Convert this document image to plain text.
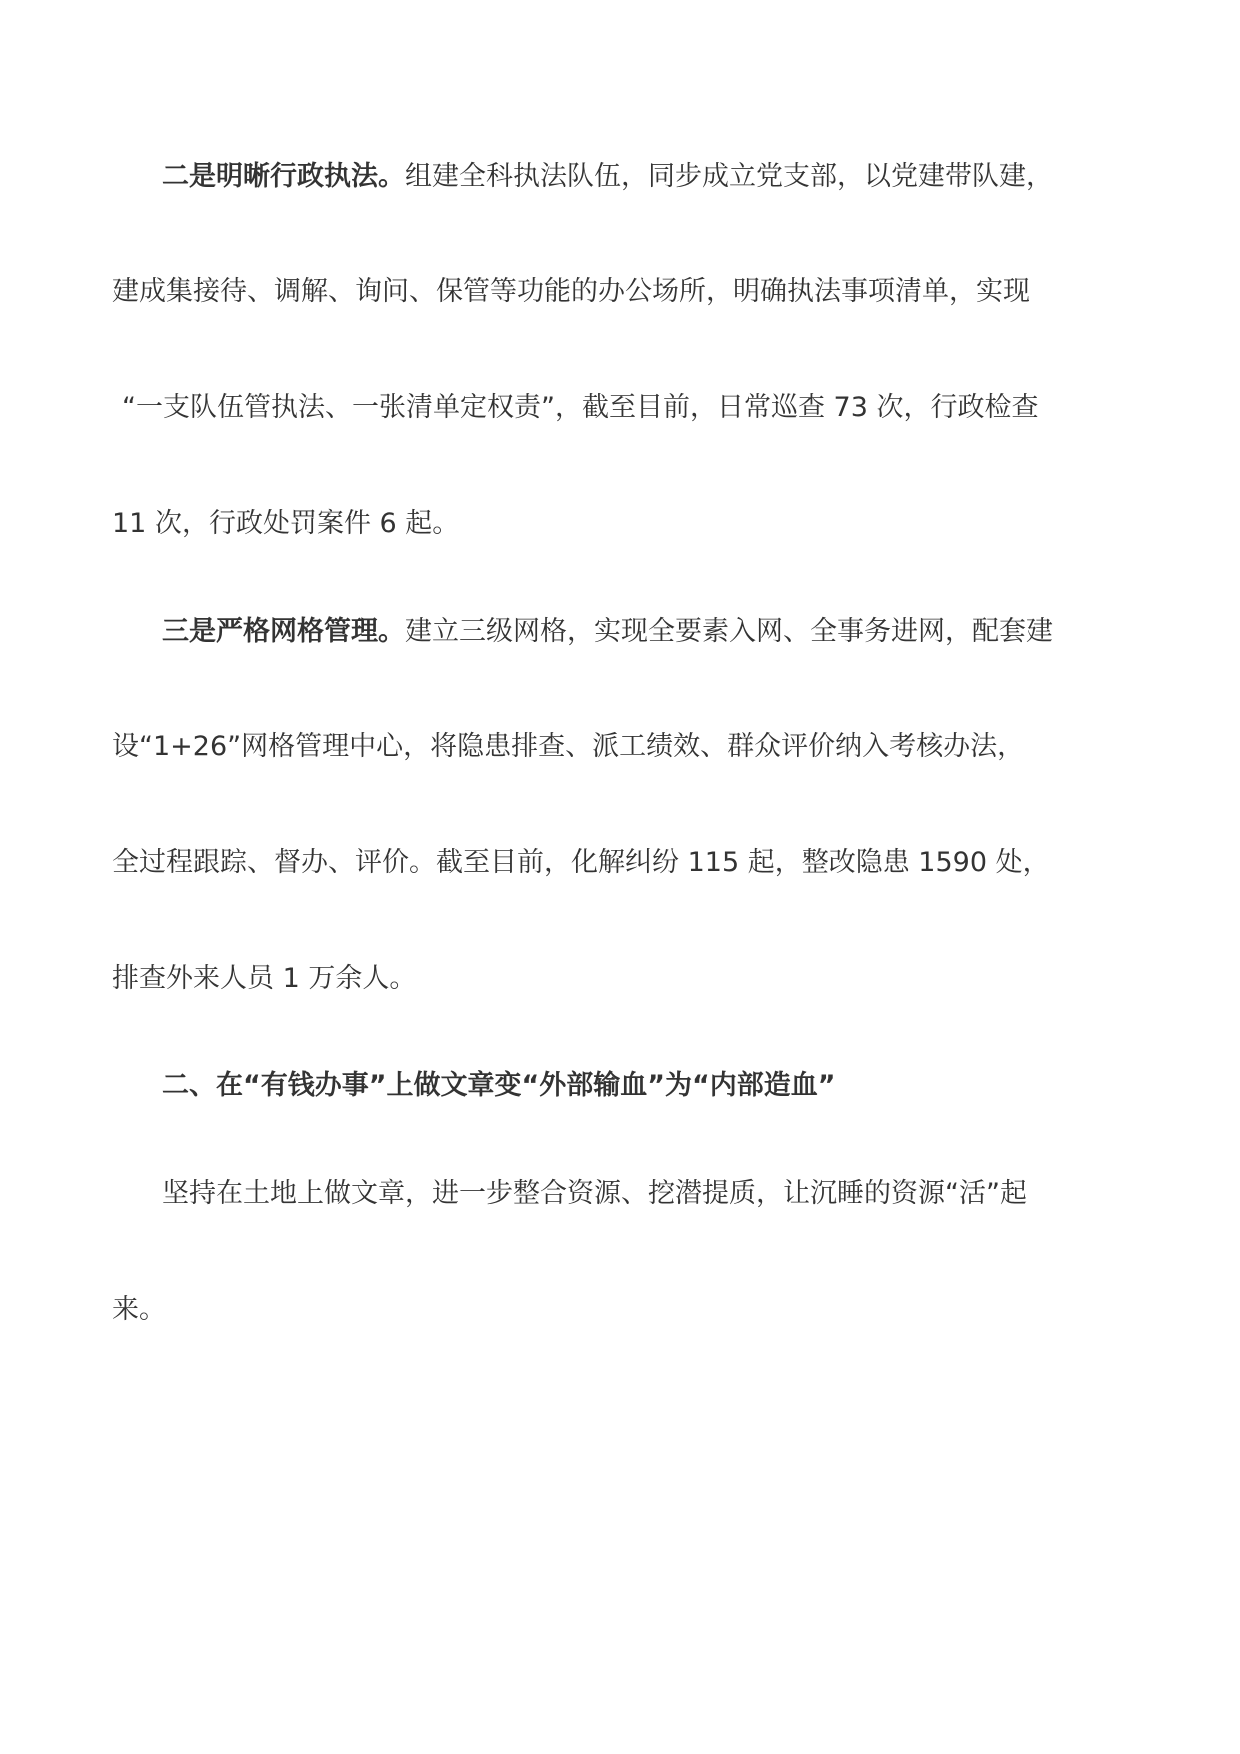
二是明晰行政执法。组建全科执法队伍，同步成立党支部，以党建带队建，
建成集接待、调解、询问、保管等功能的办公场所，明确执法事项清单，实现
“一支队伍管执法、一张清单定权责”，截至目前，日常巡查 73 次，行政检查
11 次，行政处罚案件 6 起。
三是严格网格管理。建立三级网格，实现全要素入网、全事务进网，配套建
设“1+26”网格管理中心，将隐患排查、派工绩效、群众评价纳入考核办法，
全过程跟踪、督办、评价。截至目前，化解纠纷 115 起，整改隐患 1590 处，
排查外来人员 1 万余人。
二、在“有钱办事”上做文章变“外部输血”为“内部造血”
坚持在土地上做文章，进一步整合资源、挖潜提质，让沉睡的资源“活”起
来。
